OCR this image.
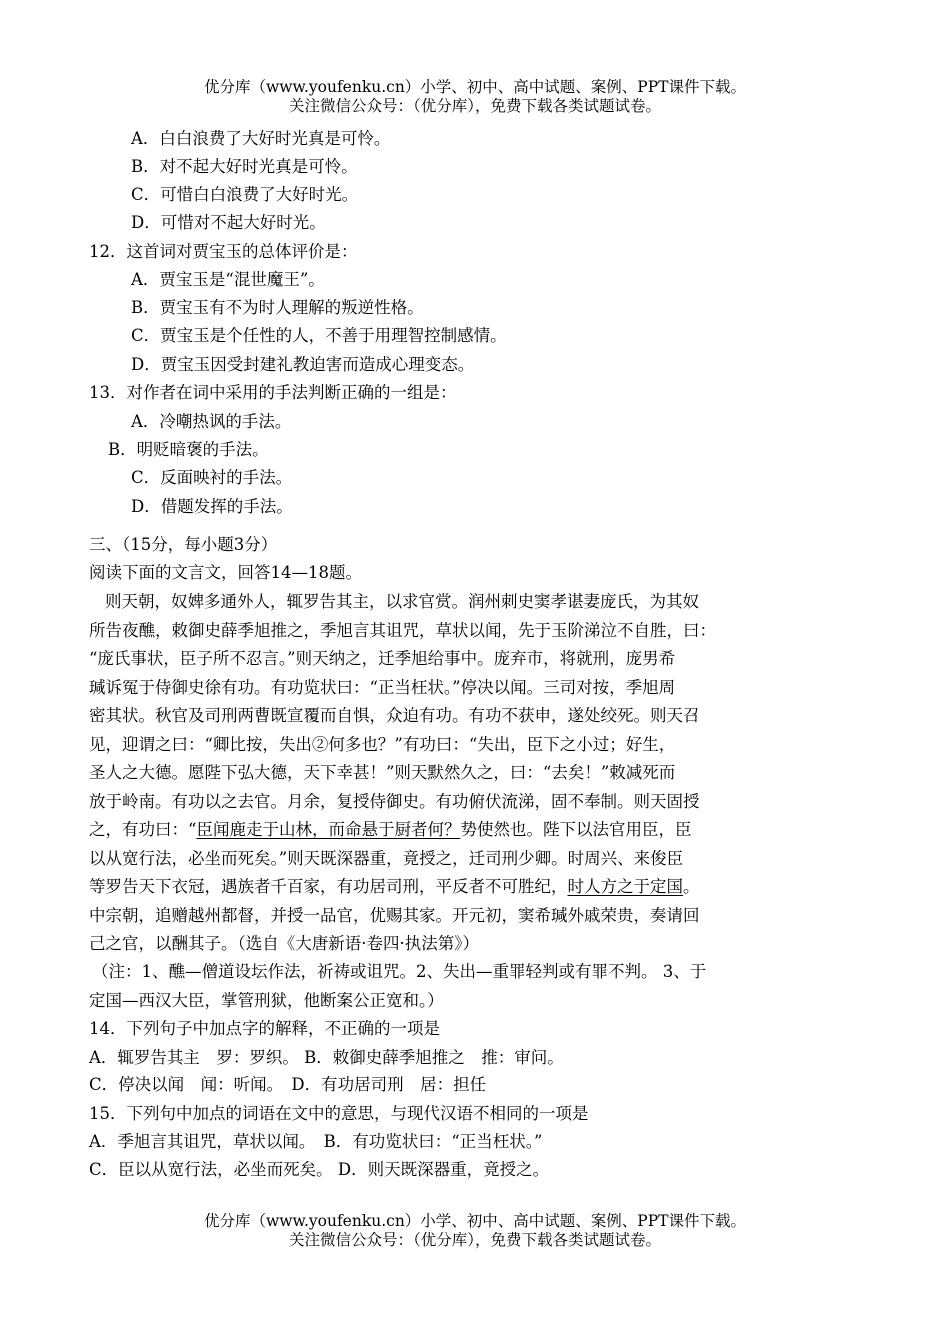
优分库（www.youfenku.cn）小学、初中、高中试题、案例、PPT课件下载。
关注微信公众号：（优分库），免费下载各类试题试卷。
A．白白浪费了大好时光真是可怜。
B．对不起大好时光真是可怜。
C．可惜白白浪费了大好时光。
D．可惜对不起大好时光。
12．这首词对贾宝玉的总体评价是：
A．贾宝玉是“混世魔王”。
B．贾宝玉有不为时人理解的叛逆性格。
C．贾宝玉是个任性的人，不善于用理智控制感情。
D．贾宝玉因受封建礼教迫害而造成心理变态。
13．对作者在词中采用的手法判断正确的一组是：
A．冷嘲热讽的手法。
B．明贬暗褒的手法。
C．反面映衬的手法。
D．借题发挥的手法。
三、（15分，每小题3分）
阅读下面的文言文，回答14—18题。
则天朝，奴婢多通外人，辄罗告其主，以求官赏。润州刺史窦孝谌妻庞氏，为其奴
所告夜醮，敕御史薛季旭推之，季旭言其诅咒，草状以闻，先于玉阶涕泣不自胜，曰：
“庞氏事状，臣子所不忍言。”则天纳之，迁季旭给事中。庞弃市，将就刑，庞男希
瑊诉冤于侍御史徐有功。有功览状曰：“正当枉状。”停决以闻。三司对按，季旭周
密其状。秋官及司刑两曹既宣覆而自惧，众迫有功。有功不获申，遂处绞死。则天召
见，迎谓之曰：“卿比按，失出②何多也？”有功曰：“失出，臣下之小过；好生，
圣人之大德。愿陛下弘大德，天下幸甚！”则天默然久之，曰：“去矣！”敕减死而
放于岭南。有功以之去官。月余，复授侍御史。有功俯伏流涕，固不奉制。则天固授
之，有功曰：“臣闻鹿走于山林，而命悬于厨者何？势使然也。陛下以法官用臣，臣
以从宽行法，必坐而死矣。”则天既深器重，竟授之，迁司刑少卿。时周兴、来俊臣
等罗告天下衣冠，遇族者千百家，有功居司刑，平反者不可胜纪，时人方之于定国。
中宗朝，追赠越州都督，并授一品官，优赐其家。开元初，窦希瑊外戚荣贵，奏请回
己之官，以酬其子。（选自《大唐新语·卷四·执法第》）
（注：1、醮—僧道设坛作法，祈祷或诅咒。2、失出—重罪轻判或有罪不判。 3、于
定国—西汉大臣，掌管刑狱，他断案公正宽和。）
14．下列句子中加点字的解释，不正确的一项是
A．辄罗告其主　罗：罗织。 B．敕御史薛季旭推之　推：审问。
C．停决以闻　闻：听闻。　D．有功居司刑　居：担任
15．下列句中加点的词语在文中的意思，与现代汉语不相同的一项是
A．季旭言其诅咒，草状以闻。　B．有功览状曰：“正当枉状。”
C．臣以从宽行法，必坐而死矣。 D．则天既深器重，竟授之。
优分库（www.youfenku.cn）小学、初中、高中试题、案例、PPT课件下载。
关注微信公众号：（优分库），免费下载各类试题试卷。
